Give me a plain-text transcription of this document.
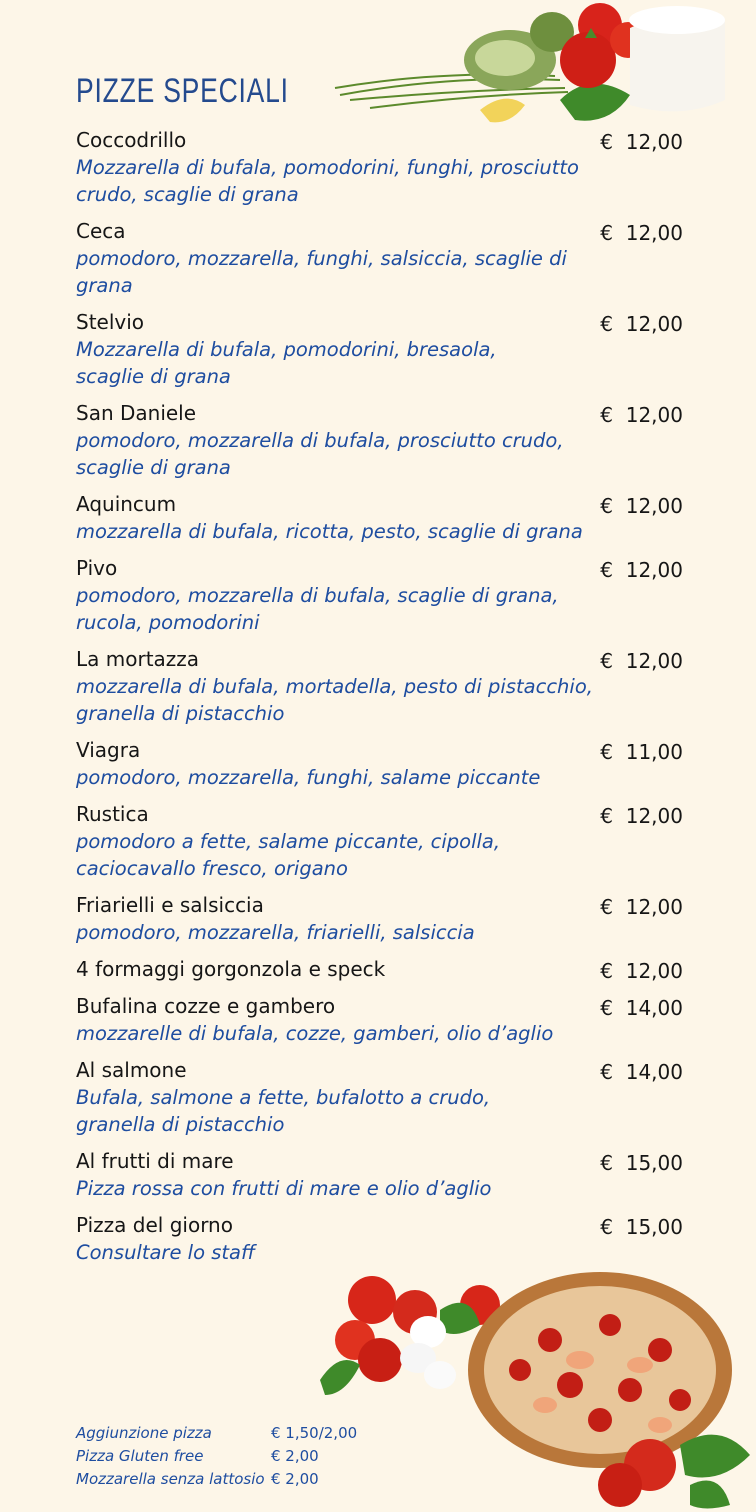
PIZZE SPECIALI
Coccodrillo
Mozzarella di bufala, pomodorini, funghi, prosciutto
crudo, scaglie di grana
€ 12,00
Ceca
pomodoro, mozzarella, funghi, salsiccia, scaglie di grana
€ 12,00
Stelvio
Mozzarella di bufala, pomodorini, bresaola,
scaglie di grana
€ 12,00
San Daniele
pomodoro, mozzarella di bufala, prosciutto crudo,
scaglie di grana
€ 12,00
Aquincum
mozzarella di bufala, ricotta, pesto, scaglie di grana
€ 12,00
Pivo
pomodoro, mozzarella di bufala, scaglie di grana,
rucola, pomodorini
€ 12,00
La mortazza
mozzarella di bufala, mortadella, pesto di pistacchio,
granella di pistacchio
€ 12,00
Viagra
pomodoro, mozzarella, funghi, salame piccante
€ 11,00
Rustica
pomodoro a fette, salame piccante, cipolla,
caciocavallo fresco, origano
€ 12,00
Friarielli e salsiccia
pomodoro, mozzarella, friarielli, salsiccia
€ 12,00
4 formaggi gorgonzola e speck	€ 12,00
Bufalina cozze e gambero
mozzarelle di bufala, cozze, gamberi, olio d’aglio
€ 14,00
Al salmone
Bufala, salmone a fette, bufalotto a crudo,
granella di pistacchio
€ 14,00
Al frutti di mare
Pizza rossa con frutti di mare e olio d’aglio
€ 15,00
Pizza del giorno
Consultare lo staff
€ 15,00
Aggiunzione pizza	€ 1,50/2,00
Pizza Gluten free	€ 2,00
Mozzarella senza lattosio € 2,00
